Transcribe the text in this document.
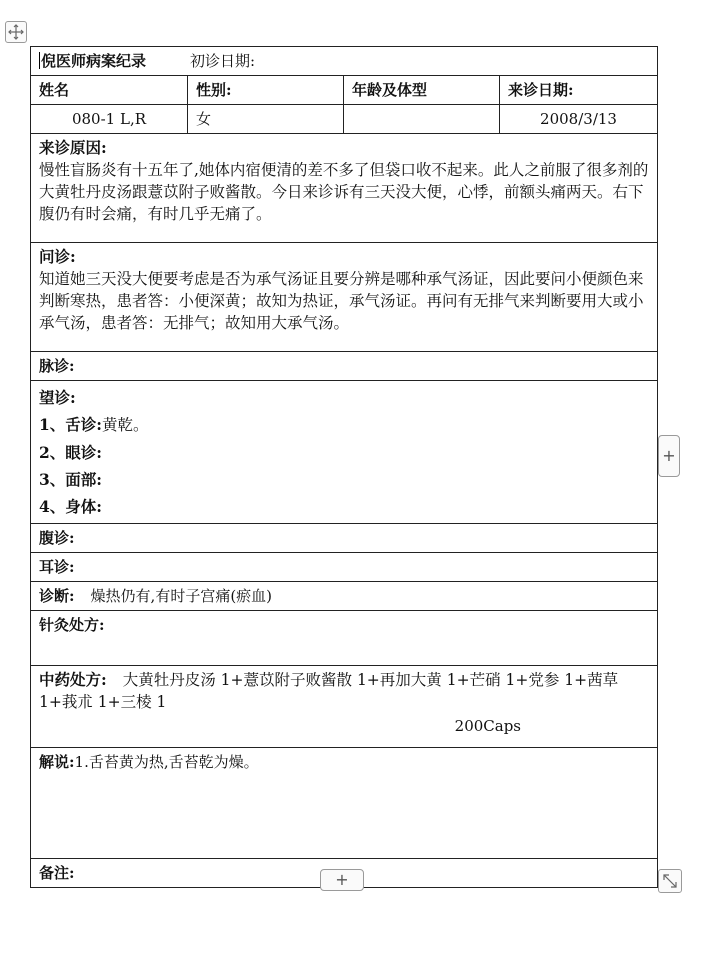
倪医师病案纪录 初诊日期:			
姓名	性别:	年龄及体型	来诊日期:
080-1 L,R	女		2008/3/13
来诊原因:
慢性盲肠炎有十五年了,她体内宿便清的差不多了但袋口收不起来。此人之前服了很多剂的大黄牡丹皮汤跟薏苡附子败酱散。今日来诊诉有三天没大便，心悸，前额头痛两天。右下腹仍有时会痛，有时几乎无痛了。			
问诊:
知道她三天没大便要考虑是否为承气汤证且要分辨是哪种承气汤证，因此要问小便颜色来判断寒热，患者答：小便深黄；故知为热证，承气汤证。再问有无排气来判断要用大或小承气汤，患者答：无排气；故知用大承气汤。			
脉诊:			

望诊:
1、舌诊:黄乾。
2、眼诊:
3、面部:
4、身体:			

腹诊:			
耳诊:			
诊断: 燥热仍有,有时子宫痛(瘀血)			
针灸处方:			
中药处方: 大黄牡丹皮汤 1+薏苡附子败酱散 1+再加大黄 1+芒硝 1+党参 1+茜草 1+莪朮 1+三棱 1
200Caps			

解说:1.舌苔黄为热,舌苔乾为燥。			
备注:			
+
+
